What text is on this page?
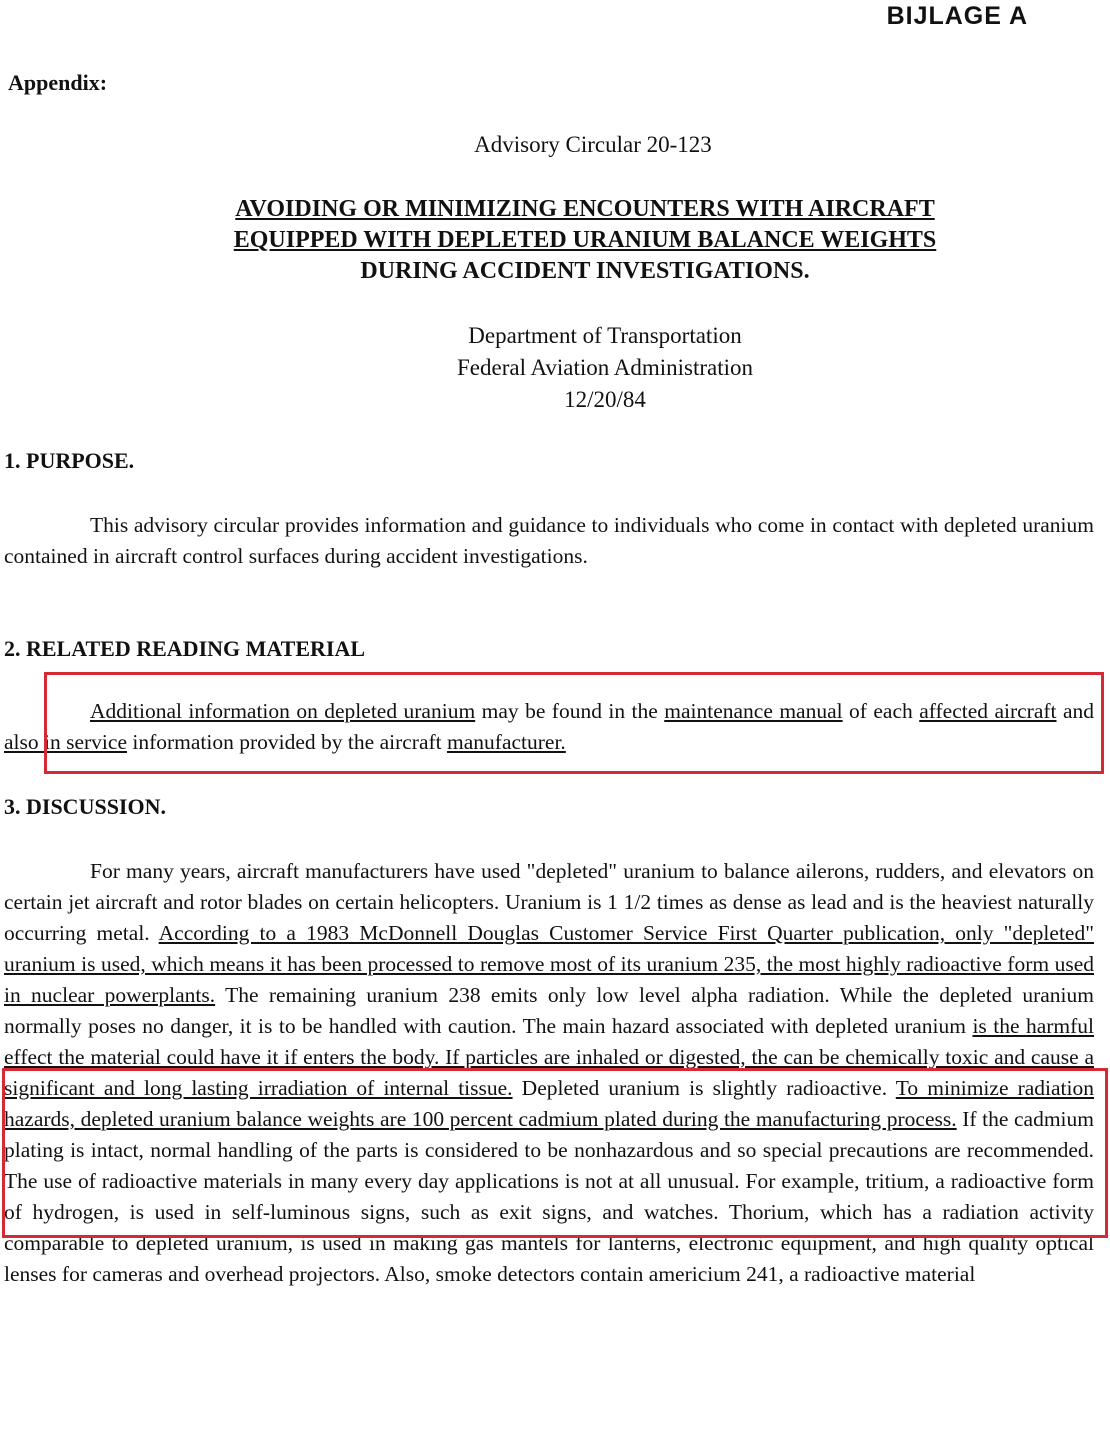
BIJLAGE A
Appendix:
Advisory Circular 20-123
AVOIDING OR MINIMIZING ENCOUNTERS WITH AIRCRAFT
EQUIPPED WITH DEPLETED URANIUM BALANCE WEIGHTS
DURING ACCIDENT INVESTIGATIONS.
Department of Transportation
Federal Aviation Administration
12/20/84
1. PURPOSE.
This advisory circular provides information and guidance to individuals who come in contact with depleted uranium contained in aircraft control surfaces during accident investigations.
2. RELATED READING MATERIAL
Additional information on depleted uranium may be found in the maintenance manual of each affected aircraft and also in service information provided by the aircraft manufacturer.
3. DISCUSSION.
For many years, aircraft manufacturers have used "depleted" uranium to balance ailerons, rudders, and elevators on certain jet aircraft and rotor blades on certain helicopters. Uranium is 1 1/2 times as dense as lead and is the heaviest naturally occurring metal. According to a 1983 McDonnell Douglas Customer Service First Quarter publication, only "depleted" uranium is used, which means it has been processed to remove most of its uranium 235, the most highly radioactive form used in nuclear powerplants. The remaining uranium 238 emits only low level alpha radiation. While the depleted uranium normally poses no danger, it is to be handled with caution. The main hazard associated with depleted uranium is the harmful effect the material could have it if enters the body. If particles are inhaled or digested, the can be chemically toxic and cause a significant and long lasting irradiation of internal tissue. Depleted uranium is slightly radioactive. To minimize radiation hazards, depleted uranium balance weights are 100 percent cadmium plated during the manufacturing process. If the cadmium plating is intact, normal handling of the parts is considered to be nonhazardous and so special precautions are recommended. The use of radioactive materials in many every day applications is not at all unusual. For example, tritium, a radioactive form of hydrogen, is used in self-luminous signs, such as exit signs, and watches. Thorium, which has a radiation activity comparable to depleted uranium, is used in making gas mantels for lanterns, electronic equipment, and high quality optical lenses for cameras and overhead projectors. Also, smoke detectors contain americium 241, a radioactive material
